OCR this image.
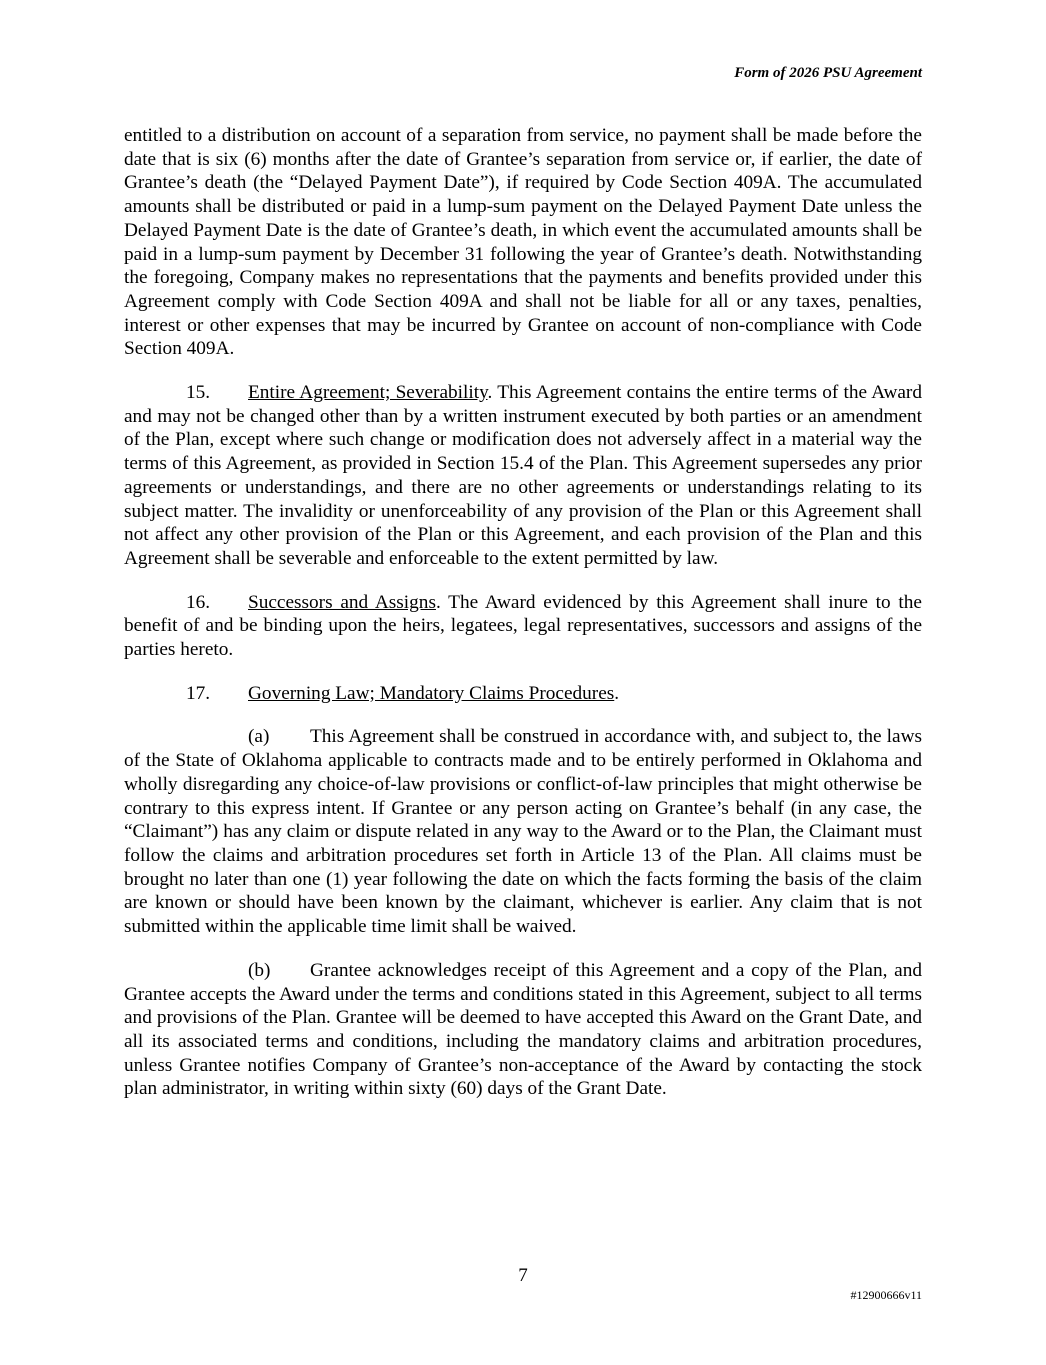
Form of 2026 PSU Agreement

entitled to a distribution on account of a separation from service, no payment shall be made before the date that is six (6) months after the date of Grantee’s separation from service or, if earlier, the date of Grantee’s death (the “Delayed Payment Date”), if required by Code Section 409A. The accumulated amounts shall be distributed or paid in a lump-sum payment on the Delayed Payment Date unless the Delayed Payment Date is the date of Grantee’s death, in which event the accumulated amounts shall be paid in a lump-sum payment by December 31 following the year of Grantee’s death. Notwithstanding the foregoing, Company makes no representations that the payments and benefits provided under this Agreement comply with Code Section 409A and shall not be liable for all or any taxes, penalties, interest or other expenses that may be incurred by Grantee on account of non-compliance with Code Section 409A.

15. Entire Agreement; Severability. This Agreement contains the entire terms of the Award and may not be changed other than by a written instrument executed by both parties or an amendment of the Plan, except where such change or modification does not adversely affect in a material way the terms of this Agreement, as provided in Section 15.4 of the Plan. This Agreement supersedes any prior agreements or understandings, and there are no other agreements or understandings relating to its subject matter. The invalidity or unenforceability of any provision of the Plan or this Agreement shall not affect any other provision of the Plan or this Agreement, and each provision of the Plan and this Agreement shall be severable and enforceable to the extent permitted by law.

16. Successors and Assigns. The Award evidenced by this Agreement shall inure to the benefit of and be binding upon the heirs, legatees, legal representatives, successors and assigns of the parties hereto.

17. Governing Law; Mandatory Claims Procedures.

(a) This Agreement shall be construed in accordance with, and subject to, the laws of the State of Oklahoma applicable to contracts made and to be entirely performed in Oklahoma and wholly disregarding any choice-of-law provisions or conflict-of-law principles that might otherwise be contrary to this express intent. If Grantee or any person acting on Grantee’s behalf (in any case, the “Claimant”) has any claim or dispute related in any way to the Award or to the Plan, the Claimant must follow the claims and arbitration procedures set forth in Article 13 of the Plan. All claims must be brought no later than one (1) year following the date on which the facts forming the basis of the claim are known or should have been known by the claimant, whichever is earlier. Any claim that is not submitted within the applicable time limit shall be waived.

(b) Grantee acknowledges receipt of this Agreement and a copy of the Plan, and Grantee accepts the Award under the terms and conditions stated in this Agreement, subject to all terms and provisions of the Plan. Grantee will be deemed to have accepted this Award on the Grant Date, and all its associated terms and conditions, including the mandatory claims and arbitration procedures, unless Grantee notifies Company of Grantee’s non-acceptance of the Award by contacting the stock plan administrator, in writing within sixty (60) days of the Grant Date.

7
#12900666v11
